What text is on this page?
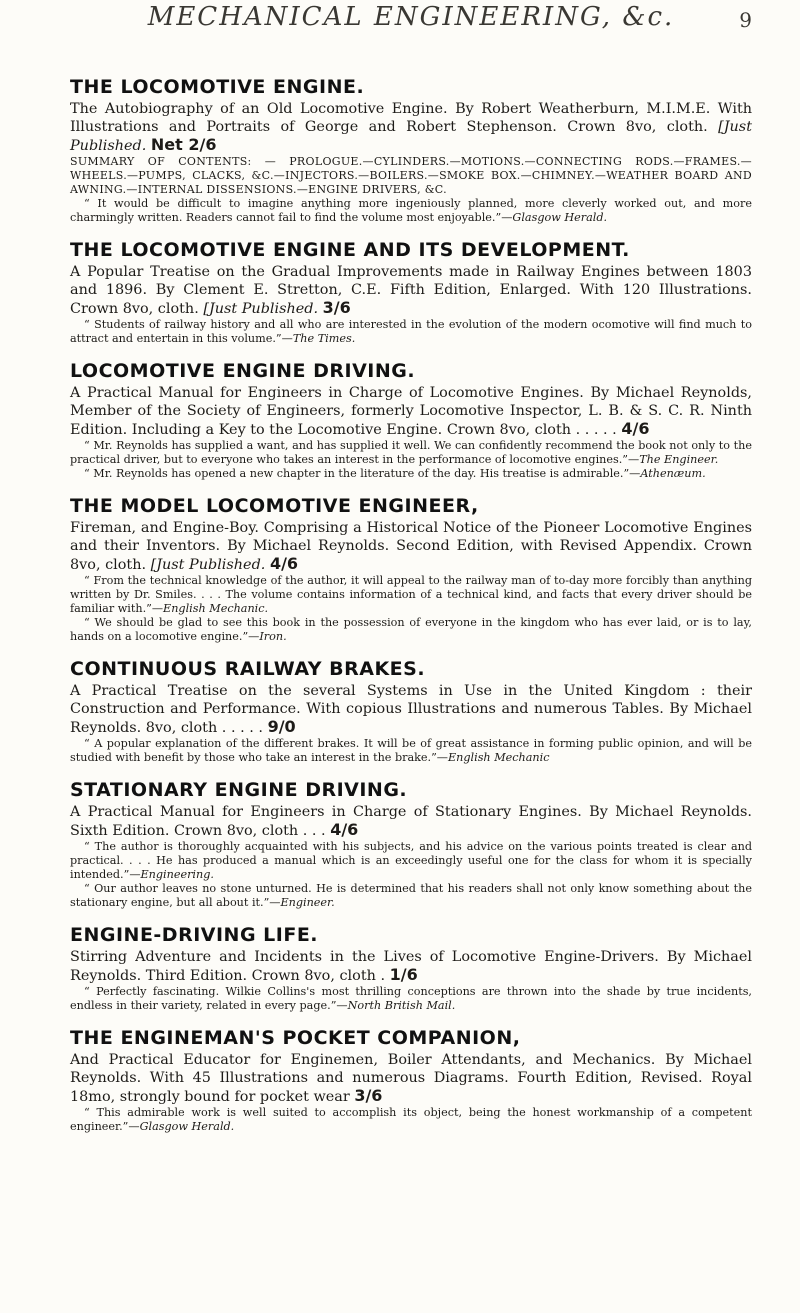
MECHANICAL ENGINEERING, &c.	9
THE LOCOMOTIVE ENGINE.
The Autobiography of an Old Locomotive Engine. By Robert Weatherburn, M.I.M.E. With Illustrations and Portraits of George and Robert Stephenson. Crown 8vo, cloth. [Just Published. Net 2/6
SUMMARY OF CONTENTS: — PROLOGUE.—CYLINDERS.—MOTIONS.—CONNECTING RODS.—FRAMES.—WHEELS.—PUMPS, CLACKS, &C.—INJECTORS.—BOILERS.—SMOKE BOX.—CHIMNEY.—WEATHER BOARD AND AWNING.—INTERNAL DISSENSIONS.—ENGINE DRIVERS, &C.

“ It would be difficult to imagine anything more ingeniously planned, more cleverly worked out, and more charmingly written. Readers cannot fail to find the volume most enjoyable.”—Glasgow Herald.

THE LOCOMOTIVE ENGINE AND ITS DEVELOPMENT.
A Popular Treatise on the Gradual Improvements made in Railway Engines between 1803 and 1896. By Clement E. Stretton, C.E. Fifth Edition, Enlarged. With 120 Illustrations. Crown 8vo, cloth. [Just Published. 3/6

“ Students of railway history and all who are interested in the evolution of the modern ocomotive will find much to attract and entertain in this volume.”—The Times.

LOCOMOTIVE ENGINE DRIVING.
A Practical Manual for Engineers in Charge of Locomotive Engines. By Michael Reynolds, Member of the Society of Engineers, formerly Locomotive Inspector, L. B. & S. C. R. Ninth Edition. Including a Key to the Locomotive Engine. Crown 8vo, cloth . . . . . 4/6

“ Mr. Reynolds has supplied a want, and has supplied it well. We can confidently recommend the book not only to the practical driver, but to everyone who takes an interest in the performance of locomotive engines.”—The Engineer.

“ Mr. Reynolds has opened a new chapter in the literature of the day. His treatise is admirable.”—Athenæum.

THE MODEL LOCOMOTIVE ENGINEER,
Fireman, and Engine-Boy. Comprising a Historical Notice of the Pioneer Locomotive Engines and their Inventors. By Michael Reynolds. Second Edition, with Revised Appendix. Crown 8vo, cloth. [Just Published. 4/6

“ From the technical knowledge of the author, it will appeal to the railway man of to-day more forcibly than anything written by Dr. Smiles. . . . The volume contains information of a technical kind, and facts that every driver should be familiar with.”—English Mechanic.

“ We should be glad to see this book in the possession of everyone in the kingdom who has ever laid, or is to lay, hands on a locomotive engine.”—Iron.

CONTINUOUS RAILWAY BRAKES.
A Practical Treatise on the several Systems in Use in the United Kingdom : their Construction and Performance. With copious Illustrations and numerous Tables. By Michael Reynolds. 8vo, cloth . . . . . 9/0

“ A popular explanation of the different brakes. It will be of great assistance in forming public opinion, and will be studied with benefit by those who take an interest in the brake.”—English Mechanic

STATIONARY ENGINE DRIVING.
A Practical Manual for Engineers in Charge of Stationary Engines. By Michael Reynolds. Sixth Edition. Crown 8vo, cloth . . . 4/6

“ The author is thoroughly acquainted with his subjects, and his advice on the various points treated is clear and practical. . . . He has produced a manual which is an exceedingly useful one for the class for whom it is specially intended.”—Engineering.

“ Our author leaves no stone unturned. He is determined that his readers shall not only know something about the stationary engine, but all about it.”—Engineer.

ENGINE-DRIVING LIFE.
Stirring Adventure and Incidents in the Lives of Locomotive Engine-Drivers. By Michael Reynolds. Third Edition. Crown 8vo, cloth . 1/6

“ Perfectly fascinating. Wilkie Collins's most thrilling conceptions are thrown into the shade by true incidents, endless in their variety, related in every page.”—North British Mail.

THE ENGINEMAN'S POCKET COMPANION,
And Practical Educator for Enginemen, Boiler Attendants, and Mechanics. By Michael Reynolds. With 45 Illustrations and numerous Diagrams. Fourth Edition, Revised. Royal 18mo, strongly bound for pocket wear 3/6

“ This admirable work is well suited to accomplish its object, being the honest workmanship of a competent engineer.”—Glasgow Herald.
